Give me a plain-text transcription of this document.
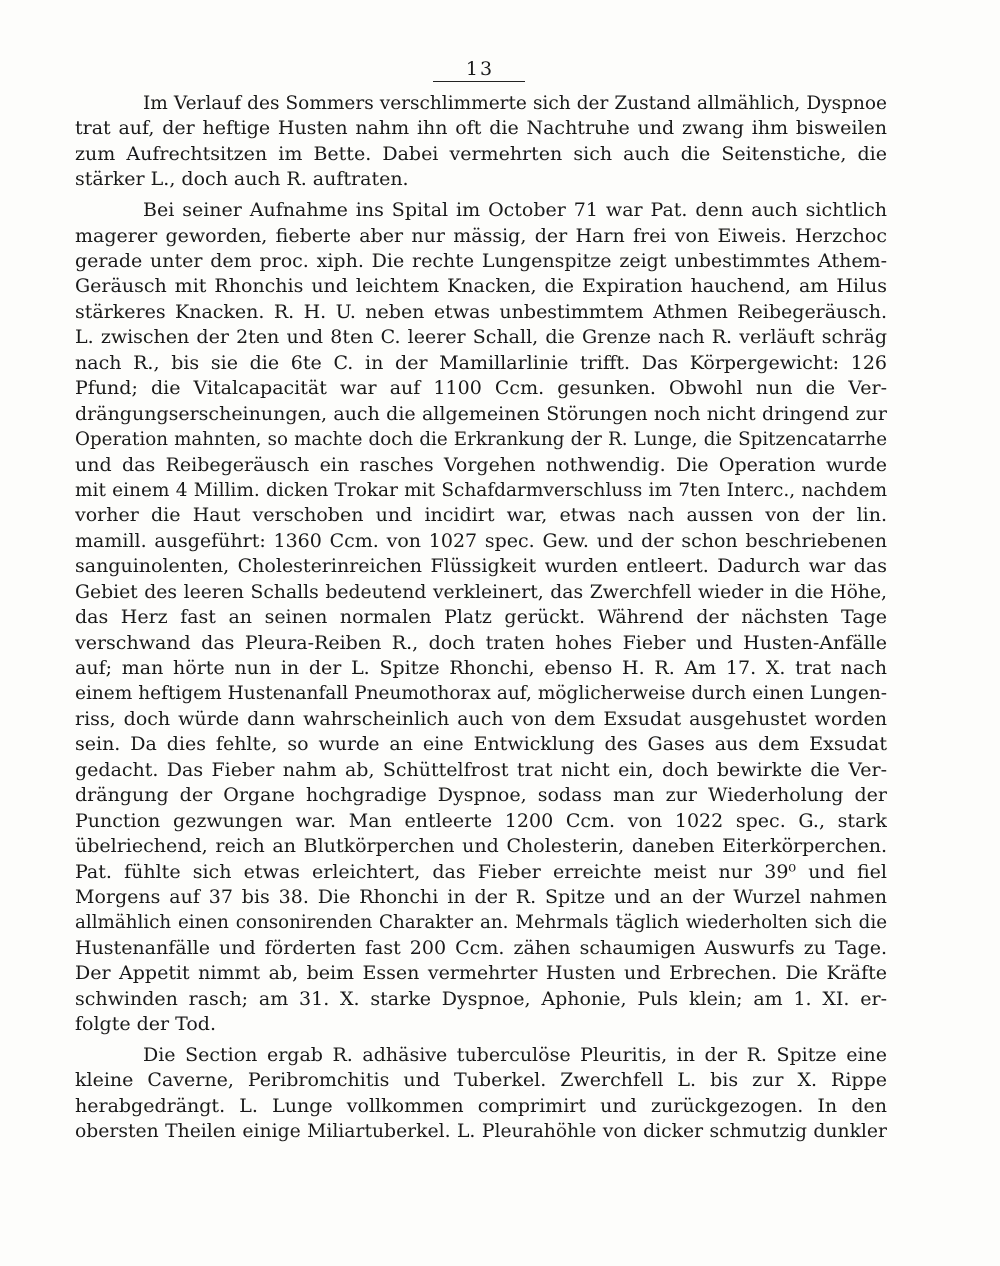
13
Im Verlauf des Sommers verschlimmerte sich der Zustand allmählich, Dyspnoe
trat auf, der heftige Husten nahm ihn oft die Nachtruhe und zwang ihm bisweilen
zum Aufrechtsitzen im Bette. Dabei vermehrten sich auch die Seitenstiche, die
stärker L., doch auch R. auftraten.
Bei seiner Aufnahme ins Spital im October 71 war Pat. denn auch sichtlich
magerer geworden, fieberte aber nur mässig, der Harn frei von Eiweis. Herzchoc
gerade unter dem proc. xiph. Die rechte Lungenspitze zeigt unbestimmtes Athem-
Geräusch mit Rhonchis und leichtem Knacken, die Expiration hauchend, am Hilus
stärkeres Knacken. R. H. U. neben etwas unbestimmtem Athmen Reibegeräusch.
L. zwischen der 2ten und 8ten C. leerer Schall, die Grenze nach R. verläuft schräg
nach R., bis sie die 6te C. in der Mamillarlinie trifft. Das Körpergewicht: 126
Pfund; die Vitalcapacität war auf 1100 Ccm. gesunken. Obwohl nun die Ver-
drängungserscheinungen, auch die allgemeinen Störungen noch nicht dringend zur
Operation mahnten, so machte doch die Erkrankung der R. Lunge, die Spitzencatarrhe
und das Reibegeräusch ein rasches Vorgehen nothwendig. Die Operation wurde
mit einem 4 Millim. dicken Trokar mit Schafdarmverschluss im 7ten Interc., nachdem
vorher die Haut verschoben und incidirt war, etwas nach aussen von der lin.
mamill. ausgeführt: 1360 Ccm. von 1027 spec. Gew. und der schon beschriebenen
sanguinolenten, Cholesterinreichen Flüssigkeit wurden entleert. Dadurch war das
Gebiet des leeren Schalls bedeutend verkleinert, das Zwerchfell wieder in die Höhe,
das Herz fast an seinen normalen Platz gerückt. Während der nächsten Tage
verschwand das Pleura-Reiben R., doch traten hohes Fieber und Husten-Anfälle
auf; man hörte nun in der L. Spitze Rhonchi, ebenso H. R. Am 17. X. trat nach
einem heftigem Hustenanfall Pneumothorax auf, möglicherweise durch einen Lungen-
riss, doch würde dann wahrscheinlich auch von dem Exsudat ausgehustet worden
sein. Da dies fehlte, so wurde an eine Entwicklung des Gases aus dem Exsudat
gedacht. Das Fieber nahm ab, Schüttelfrost trat nicht ein, doch bewirkte die Ver-
drängung der Organe hochgradige Dyspnoe, sodass man zur Wiederholung der
Punction gezwungen war. Man entleerte 1200 Ccm. von 1022 spec. G., stark
übelriechend, reich an Blutkörperchen und Cholesterin, daneben Eiterkörperchen.
Pat. fühlte sich etwas erleichtert, das Fieber erreichte meist nur 39⁰ und fiel
Morgens auf 37 bis 38. Die Rhonchi in der R. Spitze und an der Wurzel nahmen
allmählich einen consonirenden Charakter an. Mehrmals täglich wiederholten sich die
Hustenanfälle und förderten fast 200 Ccm. zähen schaumigen Auswurfs zu Tage.
Der Appetit nimmt ab, beim Essen vermehrter Husten und Erbrechen. Die Kräfte
schwinden rasch; am 31. X. starke Dyspnoe, Aphonie, Puls klein; am 1. XI. er-
folgte der Tod.
Die Section ergab R. adhäsive tuberculöse Pleuritis, in der R. Spitze eine
kleine Caverne, Peribromchitis und Tuberkel. Zwerchfell L. bis zur X. Rippe
herabgedrängt. L. Lunge vollkommen comprimirt und zurückgezogen. In den
obersten Theilen einige Miliartuberkel. L. Pleurahöhle von dicker schmutzig dunkler
